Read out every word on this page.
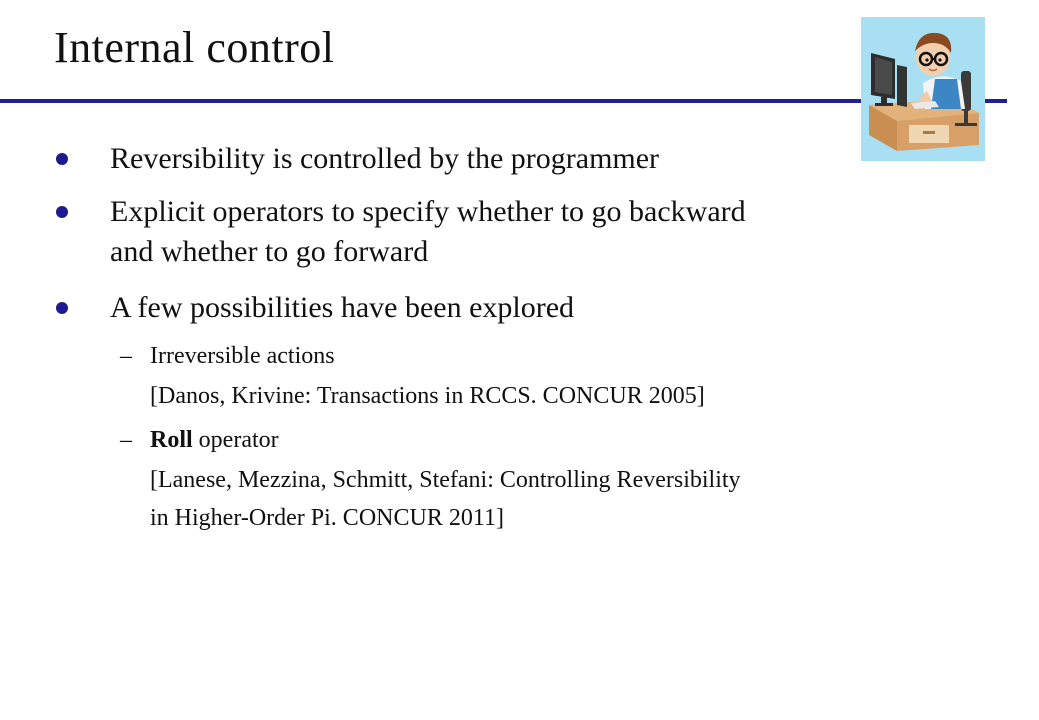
Internal control
Reversibility is controlled by the programmer
Explicit operators to specify whether to go backward
and whether to go forward
A few possibilities have been explored
– Irreversible actions
[Danos, Krivine: Transactions in RCCS. CONCUR 2005]
– Roll operator
[Lanese, Mezzina, Schmitt, Stefani: Controlling Reversibility
in Higher-Order Pi. CONCUR 2011]
